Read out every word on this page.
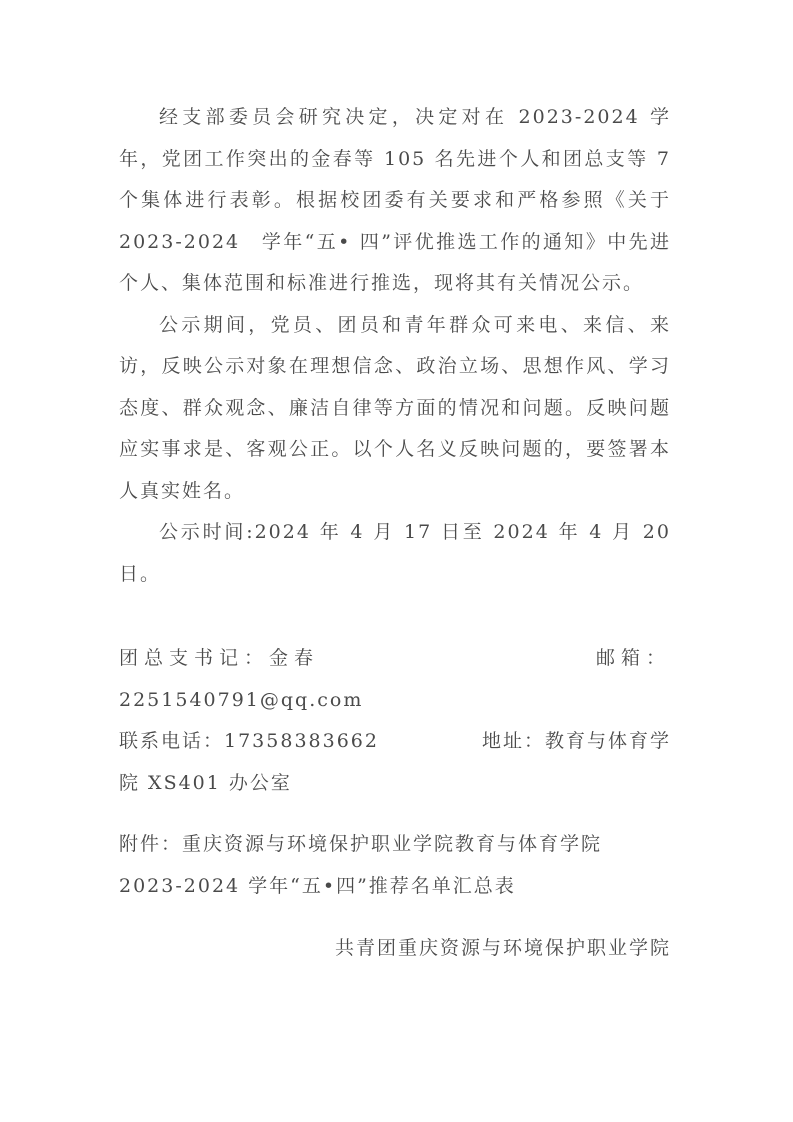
经支部委员会研究决定，决定对在 2023-2024 学年，党团工作突出的金春等 105 名先进个人和团总支等 7 个集体进行表彰。根据校团委有关要求和严格参照《关于 2023-2024　学年“五• 四”评优推选工作的通知》中先进个人、集体范围和标准进行推选，现将其有关情况公示。

公示期间，党员、团员和青年群众可来电、来信、来访，反映公示对象在理想信念、政治立场、思想作风、学习态度、群众观念、廉洁自律等方面的情况和问题。反映问题应实事求是、客观公正。以个人名义反映问题的，要签署本人真实姓名。

公示时间:2024 年 4 月 17 日至 2024 年 4 月 20 日。

团总支书记：金春	邮箱：
2251540791@qq.com
联系电话：17358383662	地址：教育与体育学
院 XS401 办公室
附件：重庆资源与环境保护职业学院教育与体育学院
2023-2024 学年“五•四”推荐名单汇总表
共青团重庆资源与环境保护职业学院
